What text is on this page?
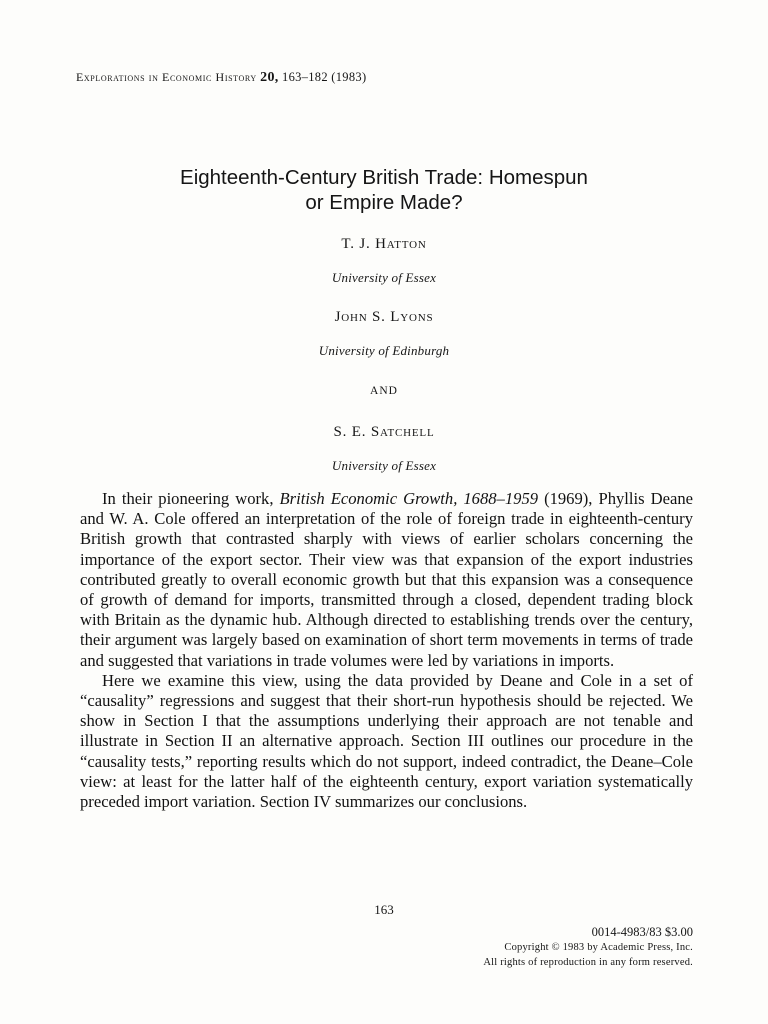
Explorations in Economic History 20, 163–182 (1983)
Eighteenth-Century British Trade: Homespun
or Empire Made?
T. J. Hatton
University of Essex
John S. Lyons
University of Edinburgh
AND
S. E. Satchell
University of Essex

In their pioneering work, British Economic Growth, 1688–1959 (1969), Phyllis Deane and W. A. Cole offered an interpretation of the role of foreign trade in eighteenth-century British growth that contrasted sharply with views of earlier scholars concerning the importance of the export sector. Their view was that expansion of the export industries contributed greatly to overall economic growth but that this expansion was a consequence of growth of demand for imports, transmitted through a closed, dependent trading block with Britain as the dynamic hub. Although directed to establishing trends over the century, their argument was largely based on examination of short term movements in terms of trade and suggested that variations in trade volumes were led by variations in imports.

Here we examine this view, using the data provided by Deane and Cole in a set of “causality” regressions and suggest that their short-run hypothesis should be rejected. We show in Section I that the assumptions underlying their approach are not tenable and illustrate in Section II an alternative approach. Section III outlines our procedure in the “causality tests,” reporting results which do not support, indeed contradict, the Deane–Cole view: at least for the latter half of the eighteenth century, export variation systematically preceded import variation. Section IV summarizes our conclusions.

163
0014-4983/83 $3.00
Copyright © 1983 by Academic Press, Inc.
All rights of reproduction in any form reserved.
